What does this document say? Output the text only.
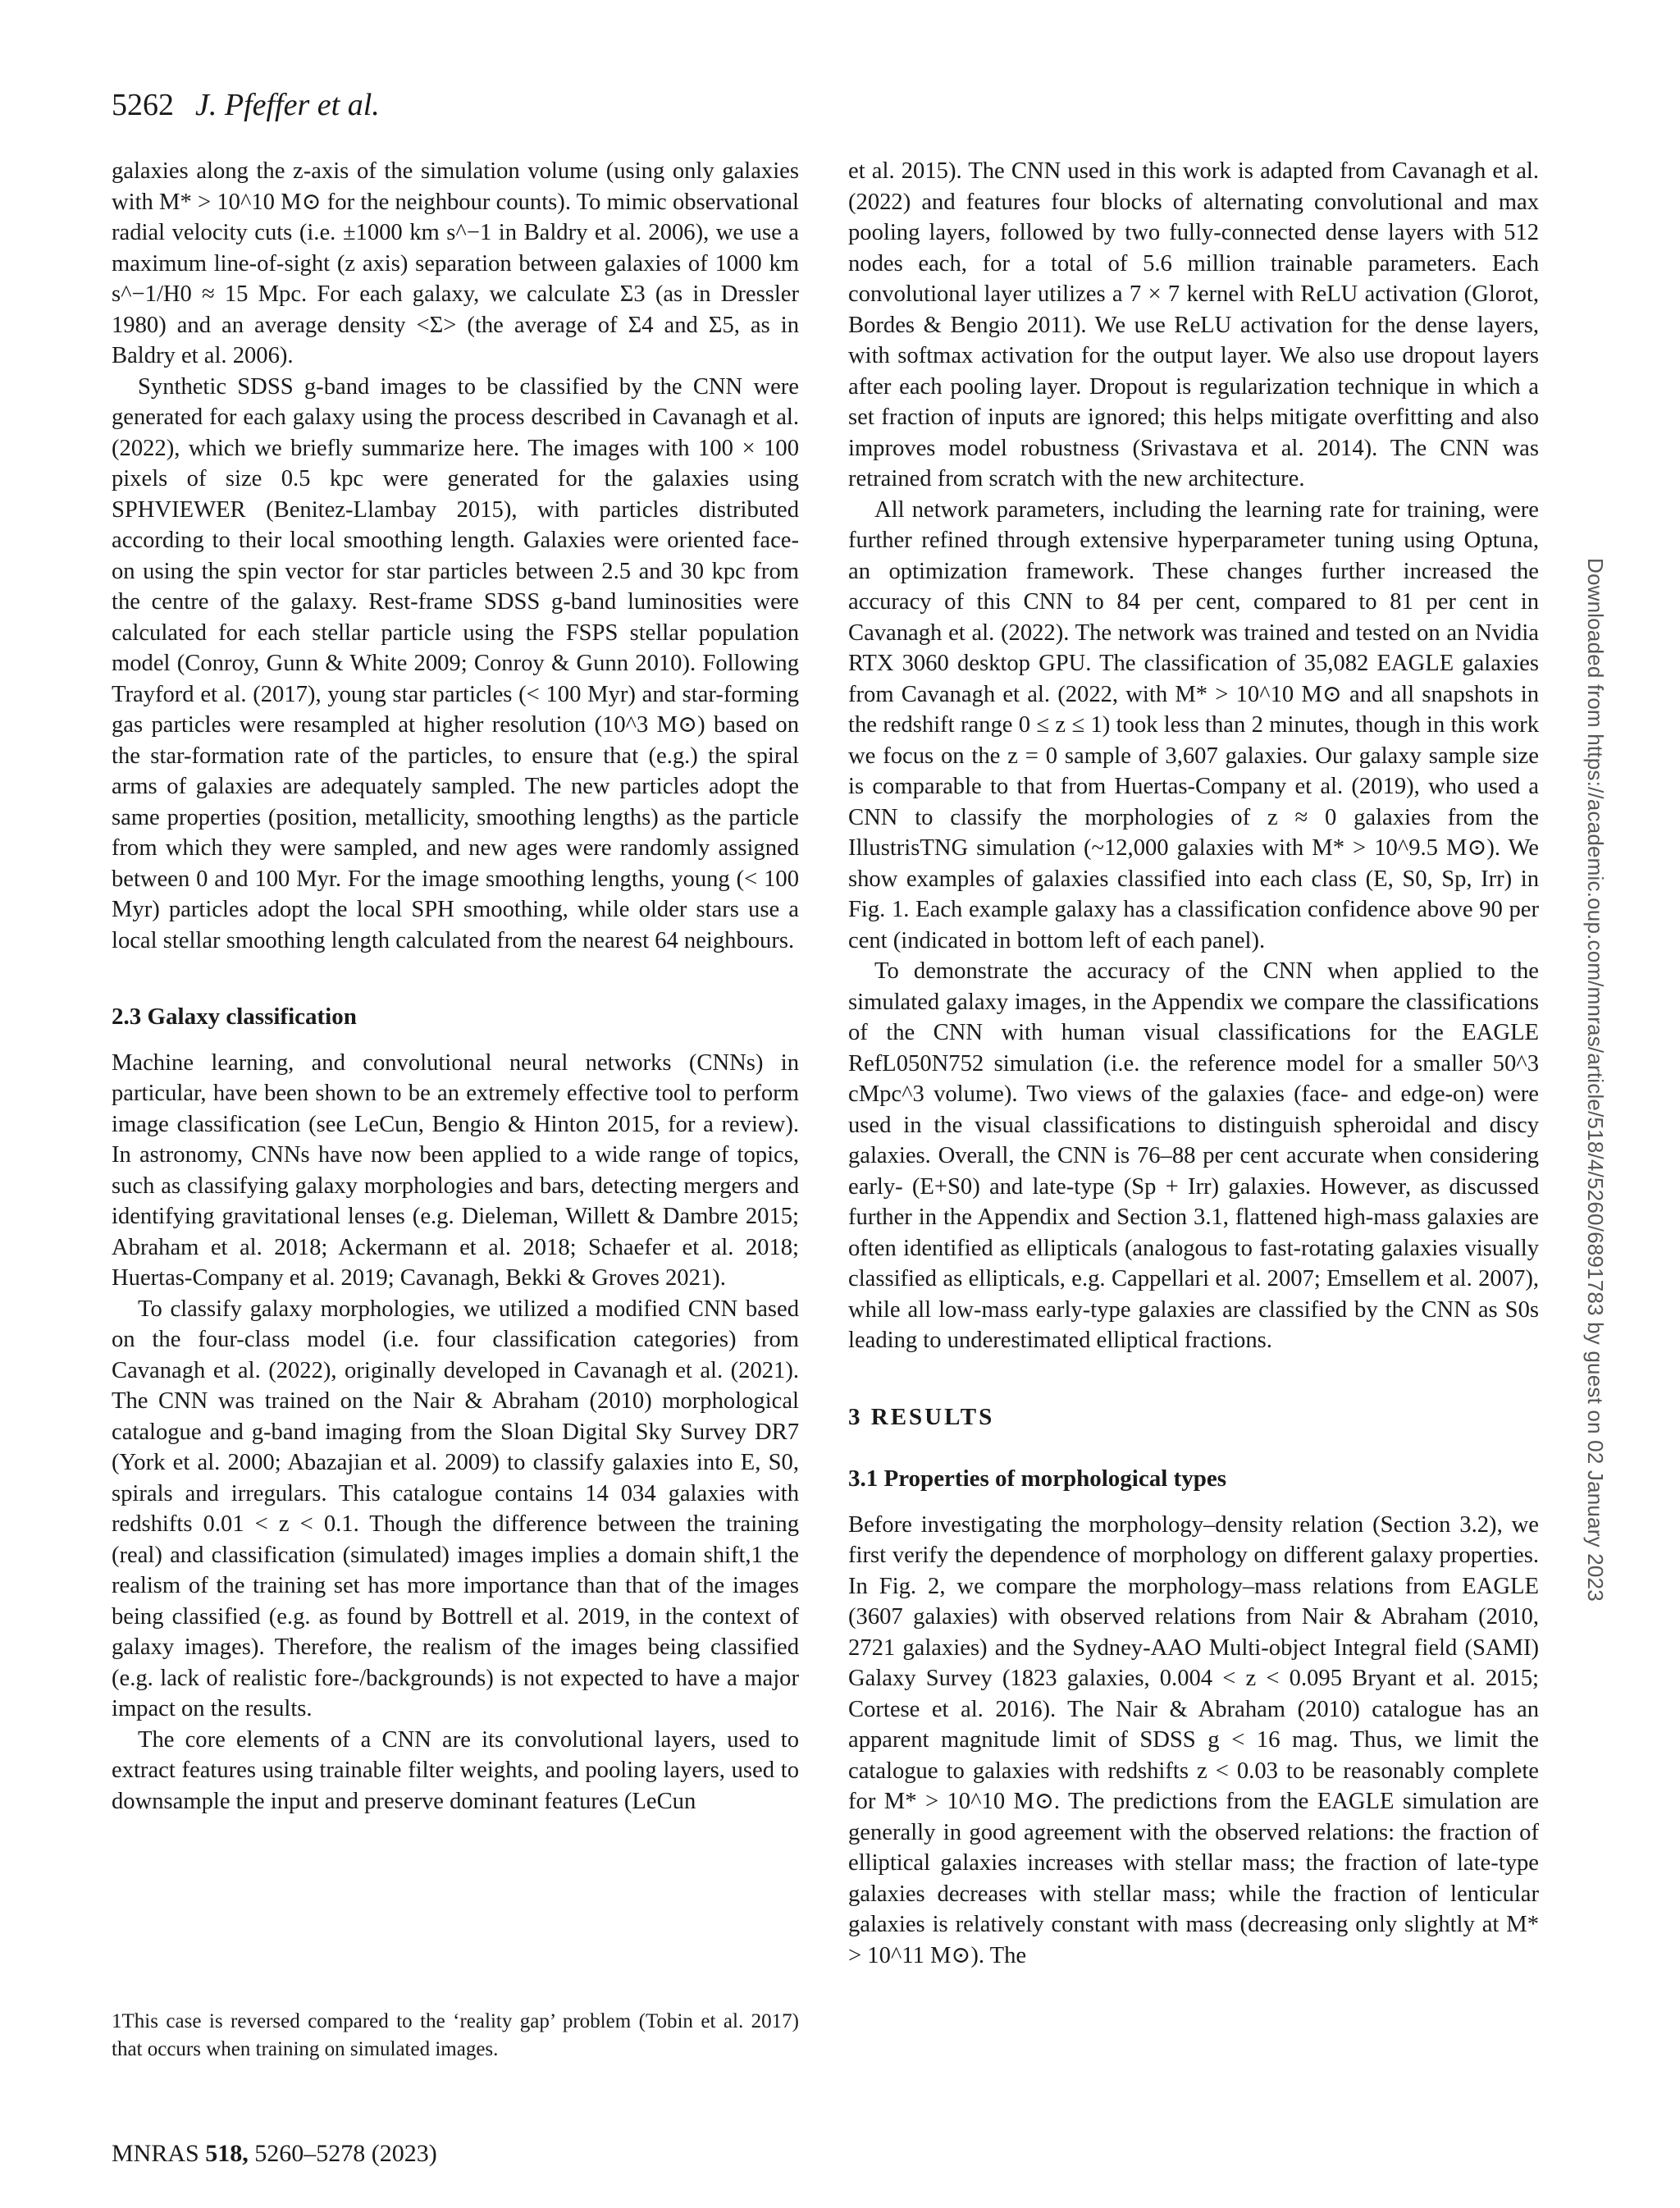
5262 J. Pfeffer et al.

galaxies along the z-axis of the simulation volume (using only galaxies with M* > 10^10 M⊙ for the neighbour counts). To mimic observational radial velocity cuts (i.e. ±1000 km s^−1 in Baldry et al. 2006), we use a maximum line-of-sight (z axis) separation between galaxies of 1000 km s^−1/H0 ≈ 15 Mpc. For each galaxy, we calculate Σ3 (as in Dressler 1980) and an average density <Σ> (the average of Σ4 and Σ5, as in Baldry et al. 2006).

Synthetic SDSS g-band images to be classified by the CNN were generated for each galaxy using the process described in Cavanagh et al. (2022), which we briefly summarize here. The images with 100 × 100 pixels of size 0.5 kpc were generated for the galaxies using SPHVIEWER (Benitez-Llambay 2015), with particles distributed according to their local smoothing length. Galaxies were oriented face-on using the spin vector for star particles between 2.5 and 30 kpc from the centre of the galaxy. Rest-frame SDSS g-band luminosities were calculated for each stellar particle using the FSPS stellar population model (Conroy, Gunn & White 2009; Conroy & Gunn 2010). Following Trayford et al. (2017), young star particles (< 100 Myr) and star-forming gas particles were resampled at higher resolution (10^3 M⊙) based on the star-formation rate of the particles, to ensure that (e.g.) the spiral arms of galaxies are adequately sampled. The new particles adopt the same properties (position, metallicity, smoothing lengths) as the particle from which they were sampled, and new ages were randomly assigned between 0 and 100 Myr. For the image smoothing lengths, young (< 100 Myr) particles adopt the local SPH smoothing, while older stars use a local stellar smoothing length calculated from the nearest 64 neighbours.

2.3 Galaxy classification

Machine learning, and convolutional neural networks (CNNs) in particular, have been shown to be an extremely effective tool to perform image classification (see LeCun, Bengio & Hinton 2015, for a review). In astronomy, CNNs have now been applied to a wide range of topics, such as classifying galaxy morphologies and bars, detecting mergers and identifying gravitational lenses (e.g. Dieleman, Willett & Dambre 2015; Abraham et al. 2018; Ackermann et al. 2018; Schaefer et al. 2018; Huertas-Company et al. 2019; Cavanagh, Bekki & Groves 2021).

To classify galaxy morphologies, we utilized a modified CNN based on the four-class model (i.e. four classification categories) from Cavanagh et al. (2022), originally developed in Cavanagh et al. (2021). The CNN was trained on the Nair & Abraham (2010) morphological catalogue and g-band imaging from the Sloan Digital Sky Survey DR7 (York et al. 2000; Abazajian et al. 2009) to classify galaxies into E, S0, spirals and irregulars. This catalogue contains 14 034 galaxies with redshifts 0.01 < z < 0.1. Though the difference between the training (real) and classification (simulated) images implies a domain shift,1 the realism of the training set has more importance than that of the images being classified (e.g. as found by Bottrell et al. 2019, in the context of galaxy images). Therefore, the realism of the images being classified (e.g. lack of realistic fore-/backgrounds) is not expected to have a major impact on the results.

The core elements of a CNN are its convolutional layers, used to extract features using trainable filter weights, and pooling layers, used to downsample the input and preserve dominant features (LeCun

et al. 2015). The CNN used in this work is adapted from Cavanagh et al. (2022) and features four blocks of alternating convolutional and max pooling layers, followed by two fully-connected dense layers with 512 nodes each, for a total of 5.6 million trainable parameters. Each convolutional layer utilizes a 7 × 7 kernel with ReLU activation (Glorot, Bordes & Bengio 2011). We use ReLU activation for the dense layers, with softmax activation for the output layer. We also use dropout layers after each pooling layer. Dropout is regularization technique in which a set fraction of inputs are ignored; this helps mitigate overfitting and also improves model robustness (Srivastava et al. 2014). The CNN was retrained from scratch with the new architecture.

All network parameters, including the learning rate for training, were further refined through extensive hyperparameter tuning using Optuna, an optimization framework. These changes further increased the accuracy of this CNN to 84 per cent, compared to 81 per cent in Cavanagh et al. (2022). The network was trained and tested on an Nvidia RTX 3060 desktop GPU. The classification of 35,082 EAGLE galaxies from Cavanagh et al. (2022, with M* > 10^10 M⊙ and all snapshots in the redshift range 0 ≤ z ≤ 1) took less than 2 minutes, though in this work we focus on the z = 0 sample of 3,607 galaxies. Our galaxy sample size is comparable to that from Huertas-Company et al. (2019), who used a CNN to classify the morphologies of z ≈ 0 galaxies from the IllustrisTNG simulation (~12,000 galaxies with M* > 10^9.5 M⊙). We show examples of galaxies classified into each class (E, S0, Sp, Irr) in Fig. 1. Each example galaxy has a classification confidence above 90 per cent (indicated in bottom left of each panel).

To demonstrate the accuracy of the CNN when applied to the simulated galaxy images, in the Appendix we compare the classifications of the CNN with human visual classifications for the EAGLE RefL050N752 simulation (i.e. the reference model for a smaller 50^3 cMpc^3 volume). Two views of the galaxies (face- and edge-on) were used in the visual classifications to distinguish spheroidal and discy galaxies. Overall, the CNN is 76–88 per cent accurate when considering early- (E+S0) and late-type (Sp + Irr) galaxies. However, as discussed further in the Appendix and Section 3.1, flattened high-mass galaxies are often identified as ellipticals (analogous to fast-rotating galaxies visually classified as ellipticals, e.g. Cappellari et al. 2007; Emsellem et al. 2007), while all low-mass early-type galaxies are classified by the CNN as S0s leading to underestimated elliptical fractions.

3 RESULTS
3.1 Properties of morphological types

Before investigating the morphology–density relation (Section 3.2), we first verify the dependence of morphology on different galaxy properties. In Fig. 2, we compare the morphology–mass relations from EAGLE (3607 galaxies) with observed relations from Nair & Abraham (2010, 2721 galaxies) and the Sydney-AAO Multi-object Integral field (SAMI) Galaxy Survey (1823 galaxies, 0.004 < z < 0.095 Bryant et al. 2015; Cortese et al. 2016). The Nair & Abraham (2010) catalogue has an apparent magnitude limit of SDSS g < 16 mag. Thus, we limit the catalogue to galaxies with redshifts z < 0.03 to be reasonably complete for M* > 10^10 M⊙. The predictions from the EAGLE simulation are generally in good agreement with the observed relations: the fraction of elliptical galaxies increases with stellar mass; the fraction of late-type galaxies decreases with stellar mass; while the fraction of lenticular galaxies is relatively constant with mass (decreasing only slightly at M* > 10^11 M⊙). The

1This case is reversed compared to the ‘reality gap’ problem (Tobin et al. 2017) that occurs when training on simulated images.
MNRAS 518, 5260–5278 (2023)
Downloaded from https://academic.oup.com/mnras/article/518/4/5260/6891783 by guest on 02 January 2023
